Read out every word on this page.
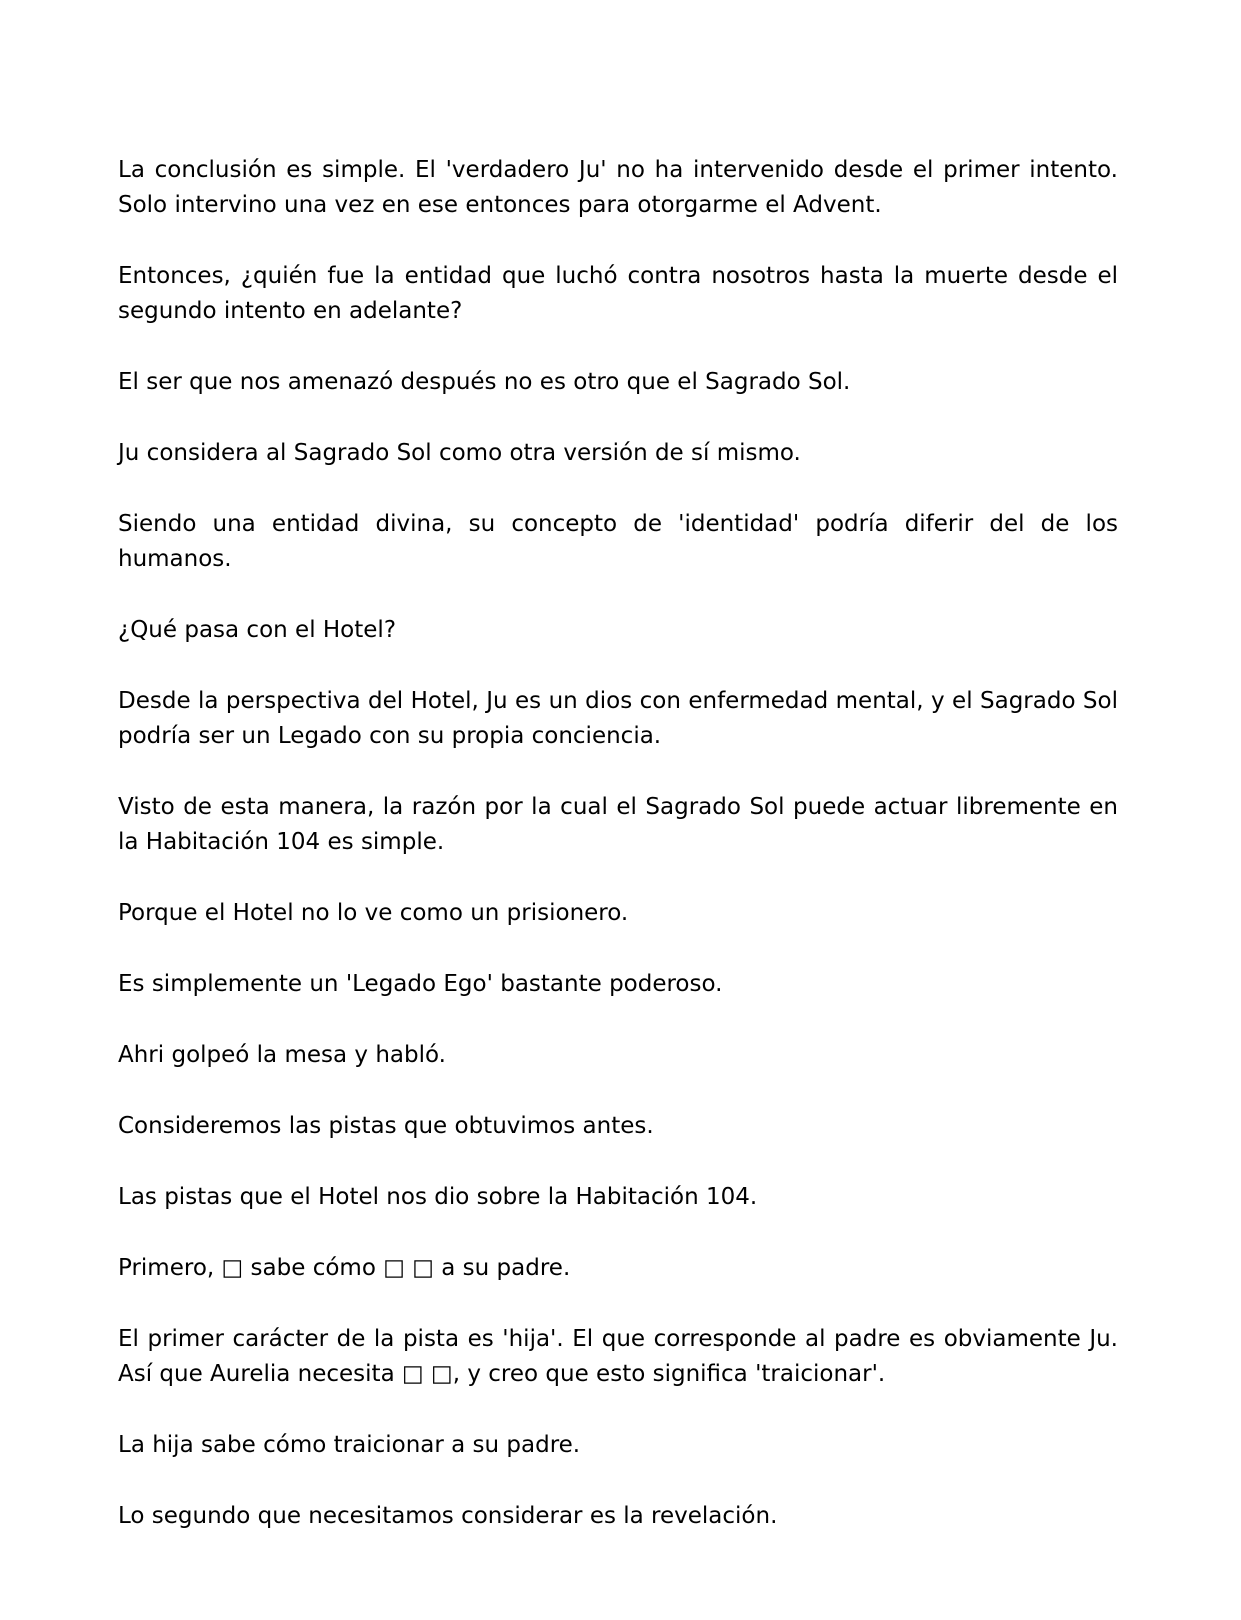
La conclusión es simple. El 'verdadero Ju' no ha intervenido desde el primer intento. Solo intervino una vez en ese entonces para otorgarme el Advent.

Entonces, ¿quién fue la entidad que luchó contra nosotros hasta la muerte desde el segundo intento en adelante?

El ser que nos amenazó después no es otro que el Sagrado Sol.

Ju considera al Sagrado Sol como otra versión de sí mismo.

Siendo una entidad divina, su concepto de 'identidad' podría diferir del de los humanos.

¿Qué pasa con el Hotel?

Desde la perspectiva del Hotel, Ju es un dios con enfermedad mental, y el Sagrado Sol podría ser un Legado con su propia conciencia.

Visto de esta manera, la razón por la cual el Sagrado Sol puede actuar libremente en la Habitación 104 es simple.

Porque el Hotel no lo ve como un prisionero.

Es simplemente un 'Legado Ego' bastante poderoso.

Ahri golpeó la mesa y habló.

Consideremos las pistas que obtuvimos antes.

Las pistas que el Hotel nos dio sobre la Habitación 104.

Primero, □ sabe cómo □ □ a su padre.

El primer carácter de la pista es 'hija'. El que corresponde al padre es obviamente Ju. Así que Aurelia necesita □ □, y creo que esto significa 'traicionar'.

La hija sabe cómo traicionar a su padre.

Lo segundo que necesitamos considerar es la revelación.
